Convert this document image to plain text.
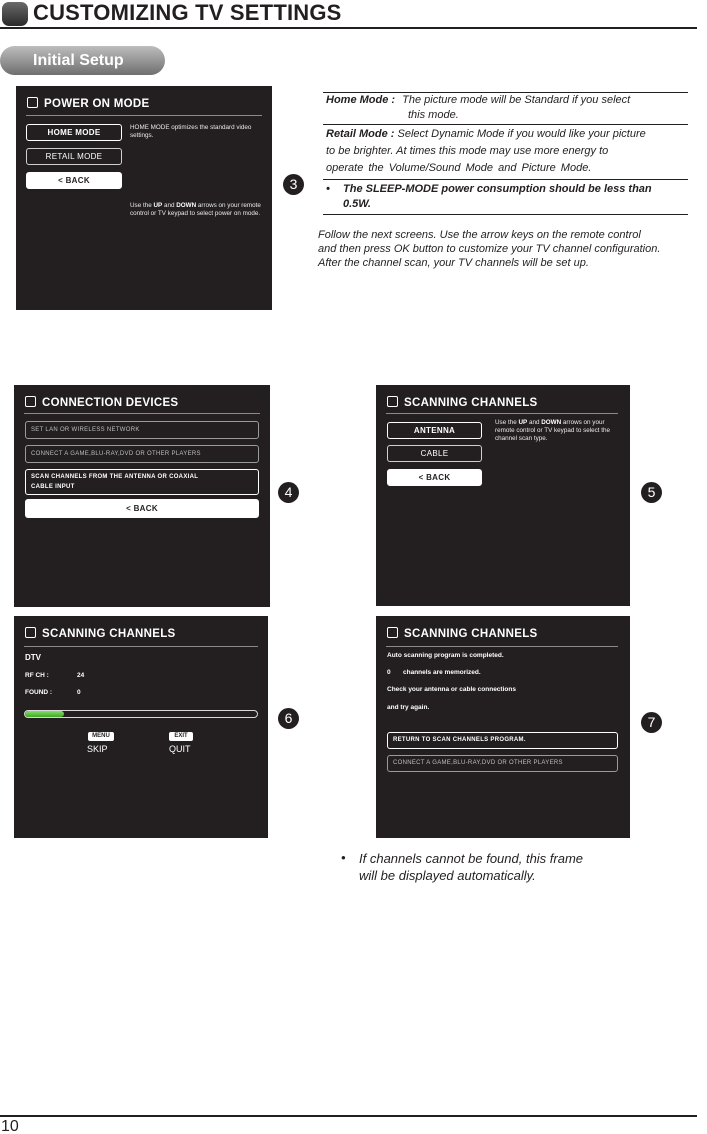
CUSTOMIZING TV SETTINGS
Initial Setup
POWER ON MODE
HOME MODE
RETAIL MODE
< BACK
HOME MODE optimizes the standard video settings.
Use the UP and DOWN arrows on your remote control or TV keypad to select power on mode.
3
Home Mode : The picture mode will be Standard if you select
this mode.
Retail Mode : Select Dynamic Mode if you would like your picture
to be brighter. At times this mode may use more energy to
operate the Volume/Sound Mode and Picture Mode.
• The SLEEP-MODE power consumption should be less than
0.5W.
Follow the next screens. Use the arrow keys on the remote control
and then press OK button to customize your TV channel configuration.
After the channel scan, your TV channels will be set up.
CONNECTION DEVICES
SET LAN OR WIRELESS NETWORK
CONNECT A GAME,BLU-RAY,DVD OR OTHER PLAYERS
SCAN CHANNELS FROM THE ANTENNA OR COAXIAL
CABLE INPUT
< BACK
4
SCANNING CHANNELS
ANTENNA
CABLE
< BACK
Use the UP and DOWN arrows on your remote control or TV keypad to select the channel scan type.
5
SCANNING CHANNELS
DTV
RF CH :	24
FOUND :	0
MENU
SKIP
EXIT
QUIT
6
SCANNING CHANNELS
Auto scanning program is completed.
0 channels are memorized.
Check your antenna or cable connections
and try again.
RETURN TO SCAN CHANNELS PROGRAM.
CONNECT A GAME,BLU-RAY,DVD OR OTHER PLAYERS
7
• If channels cannot be found, this frame
will be displayed automatically.
10
